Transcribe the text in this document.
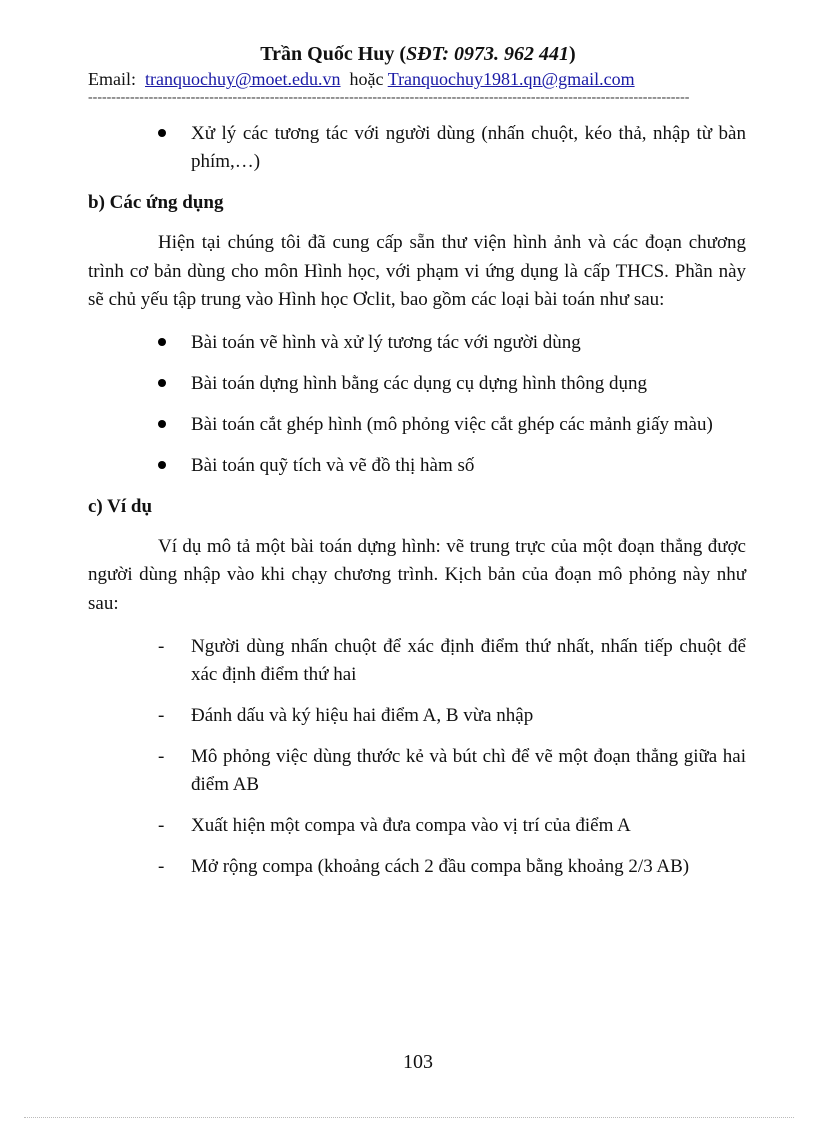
Trần Quốc Huy (SĐT: 0973. 962 441)
Email: tranquochuy@moet.edu.vn hoặc Tranquochuy1981.qn@gmail.com
---------------------------------------------------------------------------------------------------------------------------------
Xử lý các tương tác với người dùng (nhấn chuột, kéo thả, nhập từ bàn phím,…)
b) Các ứng dụng
Hiện tại chúng tôi đã cung cấp sẵn thư viện hình ảnh và các đoạn chương trình cơ bản dùng cho môn Hình học, với phạm vi ứng dụng là cấp THCS. Phần này sẽ chủ yếu tập trung vào Hình học Ơclit, bao gồm các loại bài toán như sau:
Bài toán vẽ hình và xử lý tương tác với người dùng
Bài toán dựng hình bằng các dụng cụ dựng hình thông dụng
Bài toán cắt ghép hình (mô phỏng việc cắt ghép các mảnh giấy màu)
Bài toán quỹ tích và vẽ đồ thị hàm số
c) Ví dụ
Ví dụ mô tả một bài toán dựng hình: vẽ trung trực của một đoạn thẳng được người dùng nhập vào khi chạy chương trình. Kịch bản của đoạn mô phỏng này như sau:
-	Người dùng nhấn chuột để xác định điểm thứ nhất, nhấn tiếp chuột để xác định điểm thứ hai
-	Đánh dấu và ký hiệu hai điểm A, B vừa nhập
-	Mô phỏng việc dùng thước kẻ và bút chì để vẽ một đoạn thẳng giữa hai điểm AB
-	Xuất hiện một compa và đưa compa vào vị trí của điểm A
-	Mở rộng compa (khoảng cách 2 đầu compa bằng khoảng 2/3 AB)
103
